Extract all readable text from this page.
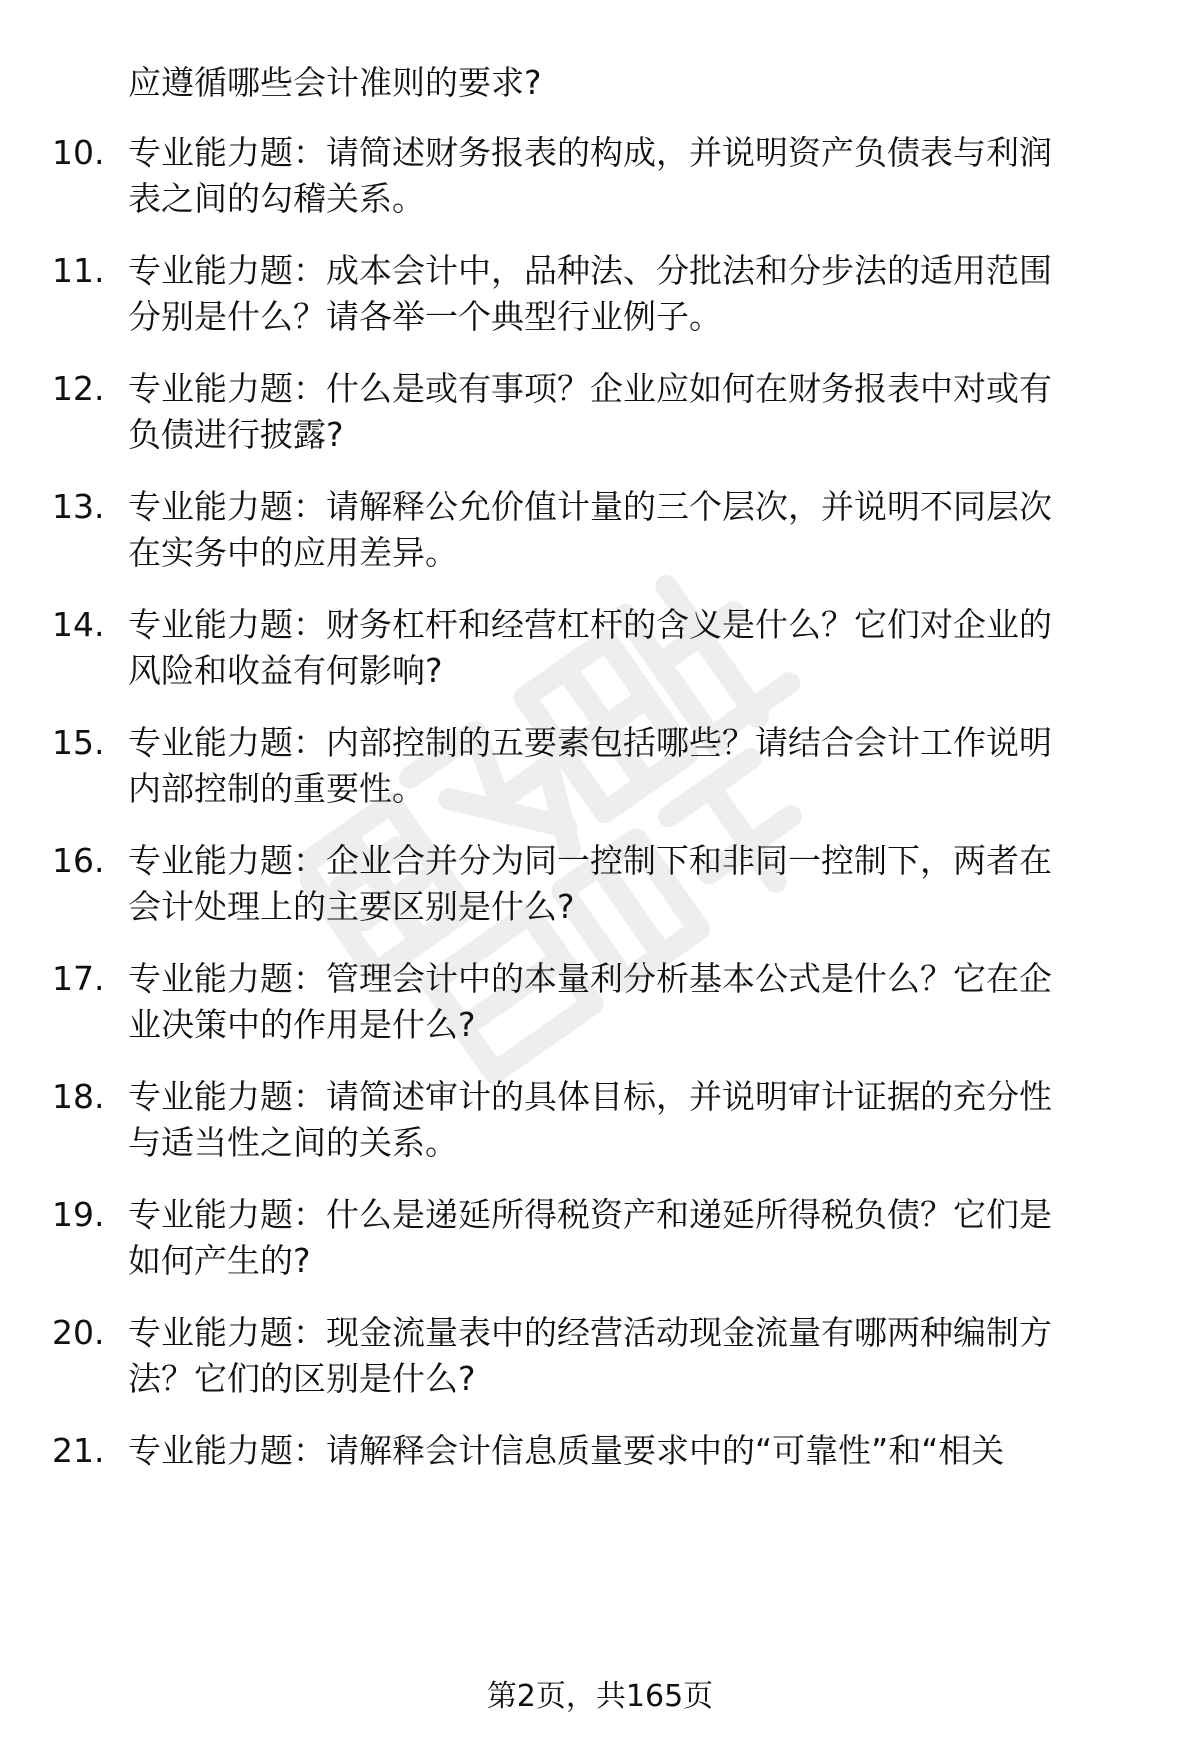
应遵循哪些会计准则的要求?
10. 专业能力题：请简述财务报表的构成，并说明资产负债表与利润
表之间的勾稽关系。
11. 专业能力题：成本会计中，品种法、分批法和分步法的适用范围
分别是什么？请各举一个典型行业例子。
12. 专业能力题：什么是或有事项？企业应如何在财务报表中对或有
负债进行披露?
13. 专业能力题：请解释公允价值计量的三个层次，并说明不同层次
在实务中的应用差异。
14. 专业能力题：财务杠杆和经营杠杆的含义是什么？它们对企业的
风险和收益有何影响?
15. 专业能力题：内部控制的五要素包括哪些？请结合会计工作说明
内部控制的重要性。
16. 专业能力题：企业合并分为同一控制下和非同一控制下，两者在
会计处理上的主要区别是什么?
17. 专业能力题：管理会计中的本量利分析基本公式是什么？它在企
业决策中的作用是什么?
18. 专业能力题：请简述审计的具体目标，并说明审计证据的充分性
与适当性之间的关系。
19. 专业能力题：什么是递延所得税资产和递延所得税负债？它们是
如何产生的?
20. 专业能力题：现金流量表中的经营活动现金流量有哪两种编制方
法？它们的区别是什么?
21. 专业能力题：请解释会计信息质量要求中的“可靠性”和“相关
第2页，共165页
